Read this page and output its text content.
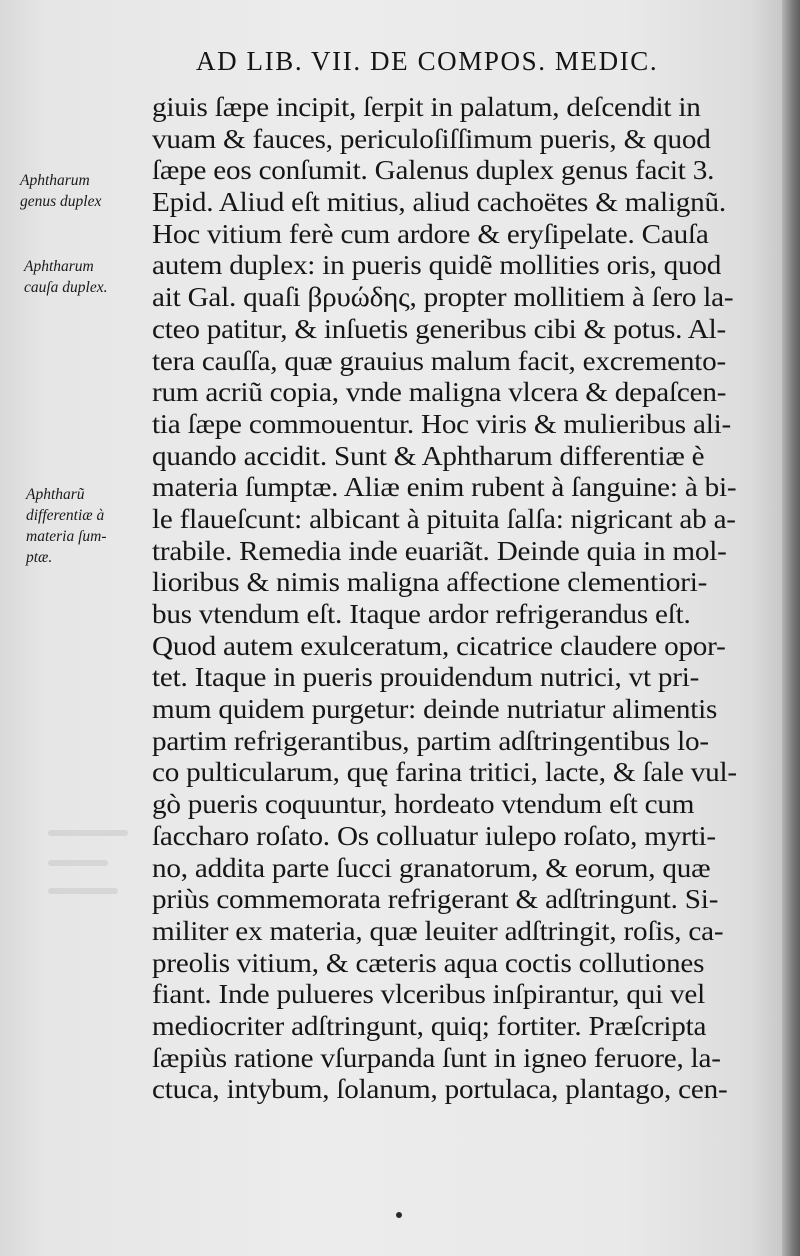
AD LIB. VII. DE COMPOS. MEDIC.
Aphtharum
genus duplex
Aphtharum
cauſa duplex.
Aphtharũ
differentiæ à
materia ſum-
ptæ.
giuis ſæpe incipit, ſerpit in palatum, deſcendit in
vuam & fauces, periculoſiſſimum pueris, & quod
ſæpe eos conſumit. Galenus duplex genus facit 3.
Epid. Aliud eſt mitius, aliud cachoëtes & malignũ.
Hoc vitium ferè cum ardore & eryſipelate. Cauſa
autem duplex: in pueris quidẽ mollities oris, quod
ait Gal. quaſi βρυώδης, propter mollitiem à ſero la-
cteo patitur, & inſuetis generibus cibi & potus. Al-
tera cauſſa, quæ grauius malum facit, excremento-
rum acriũ copia, vnde maligna vlcera & depaſcen-
tia ſæpe commouentur. Hoc viris & mulieribus ali-
quando accidit. Sunt & Aphtharum differentiæ è
materia ſumptæ. Aliæ enim rubent à ſanguine: à bi-
le flaueſcunt: albicant à pituita ſalſa: nigricant ab a-
trabile. Remedia inde euariãt. Deinde quia in mol-
lioribus & nimis maligna affectione clementiori-
bus vtendum eſt. Itaque ardor refrigerandus eſt.
Quod autem exulceratum, cicatrice claudere opor-
tet. Itaque in pueris prouidendum nutrici, vt pri-
mum quidem purgetur: deinde nutriatur alimentis
partim refrigerantibus, partim adſtringentibus lo-
co pulticularum, quę farina tritici, lacte, & ſale vul-
gò pueris coquuntur, hordeato vtendum eſt cum
ſaccharo roſato. Os colluatur iulepo roſato, myrti-
no, addita parte ſucci granatorum, & eorum, quæ
priùs commemorata refrigerant & adſtringunt. Si-
militer ex materia, quæ leuiter adſtringit, roſis, ca-
preolis vitium, & cæteris aqua coctis collutiones
fiant. Inde pulueres vlceribus inſpirantur, qui vel
mediocriter adſtringunt, quiq; fortiter. Præſcripta
ſæpiùs ratione vſurpanda ſunt in igneo feruore, la-
ctuca, intybum, ſolanum, portulaca, plantago, cen-
